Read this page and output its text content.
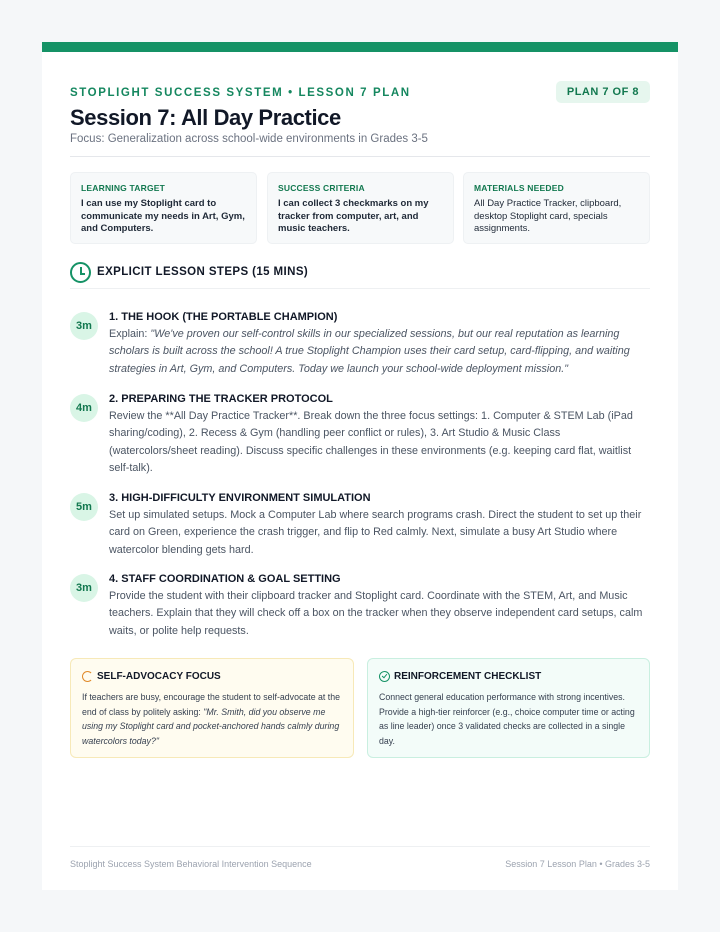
STOPLIGHT SUCCESS SYSTEM • LESSON 7 PLAN	PLAN 7 OF 8
Session 7: All Day Practice
Focus: Generalization across school-wide environments in Grades 3-5
LEARNING TARGET
I can use my Stoplight card to communicate my needs in Art, Gym, and Computers.
SUCCESS CRITERIA
I can collect 3 checkmarks on my tracker from computer, art, and music teachers.
MATERIALS NEEDED
All Day Practice Tracker, clipboard, desktop Stoplight card, specials assignments.
EXPLICIT LESSON STEPS (15 MINS)
3m
1. THE HOOK (THE PORTABLE CHAMPION)
Explain: "We've proven our self-control skills in our specialized sessions, but our real reputation as learning scholars is built across the school! A true Stoplight Champion uses their card setup, card-flipping, and waiting strategies in Art, Gym, and Computers. Today we launch your school-wide deployment mission."
4m
2. PREPARING THE TRACKER PROTOCOL
Review the **All Day Practice Tracker**. Break down the three focus settings: 1. Computer & STEM Lab (iPad sharing/coding), 2. Recess & Gym (handling peer conflict or rules), 3. Art Studio & Music Class (watercolors/sheet reading). Discuss specific challenges in these environments (e.g. keeping card flat, waitlist self-talk).
5m
3. HIGH-DIFFICULTY ENVIRONMENT SIMULATION
Set up simulated setups. Mock a Computer Lab where search programs crash. Direct the student to set up their card on Green, experience the crash trigger, and flip to Red calmly. Next, simulate a busy Art Studio where watercolor blending gets hard.
3m
4. STAFF COORDINATION & GOAL SETTING
Provide the student with their clipboard tracker and Stoplight card. Coordinate with the STEM, Art, and Music teachers. Explain that they will check off a box on the tracker when they observe independent card setups, calm waits, or polite help requests.
SELF-ADVOCACY FOCUS
If teachers are busy, encourage the student to self-advocate at the end of class by politely asking: "Mr. Smith, did you observe me using my Stoplight card and pocket-anchored hands calmly during watercolors today?"
REINFORCEMENT CHECKLIST
Connect general education performance with strong incentives. Provide a high-tier reinforcer (e.g., choice computer time or acting as line leader) once 3 validated checks are collected in a single day.
Stoplight Success System Behavioral Intervention Sequence	Session 7 Lesson Plan • Grades 3-5
